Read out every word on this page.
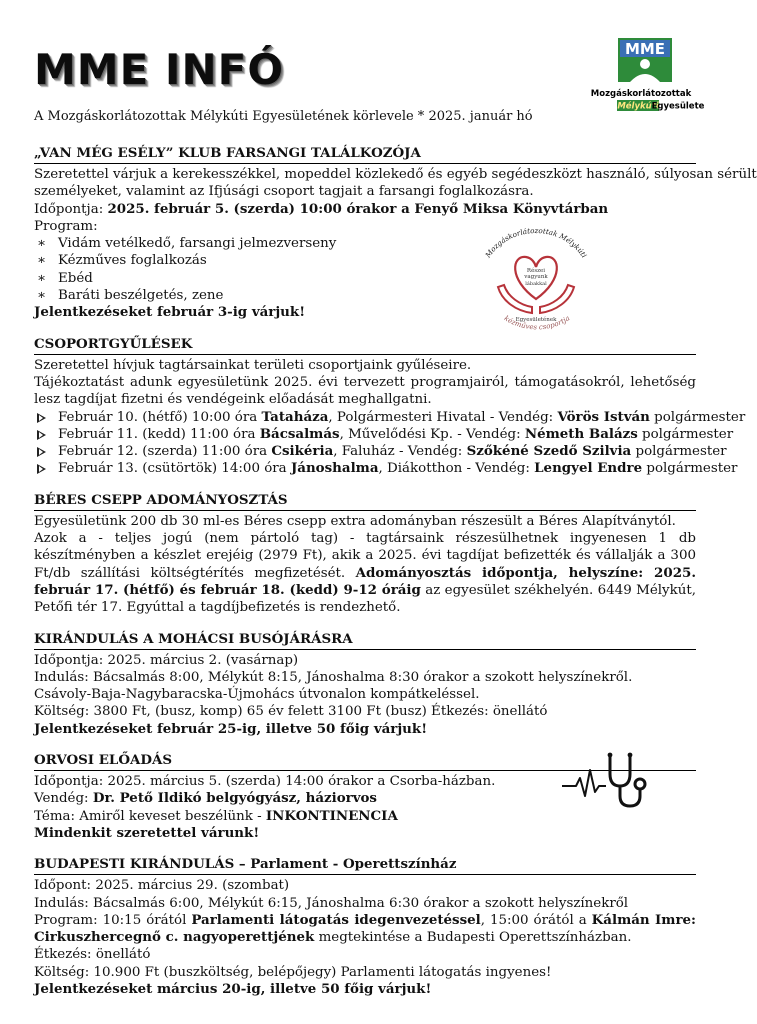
MME INFÓ
A Mozgáskorlátozottak Mélykúti Egyesületének körlevele * 2025. január hó
MME
Mozgáskorlátozottak
Mélykúti
Egyesülete
„VAN MÉG ESÉLY” KLUB FARSANGI TALÁLKOZÓJA
Szeretettel várjuk a kerekesszékkel, mopeddel közlekedő és egyéb segédeszközt használó, súlyosan sérült
személyeket, valamint az Ifjúsági csoport tagjait a farsangi foglalkozásra.
Időpontja: 2025. február 5. (szerda) 10:00 órakor a Fenyő Miksa Könyvtárban
Program:
∗ Vidám vetélkedő, farsangi jelmezverseny
∗ Kézműves foglalkozás
∗ Ebéd
∗ Baráti beszélgetés, zene
Jelentkezéseket február 3-ig várjuk!
CSOPORTGYŰLÉSEK
Szeretettel hívjuk tagtársainkat területi csoportjaink gyűléseire.
Tájékoztatást adunk egyesületünk 2025. évi tervezett programjairól, támogatásokról, lehetőség lesz tagdíjat fizetni és vendégeink előadását meghallgatni.
Február 10. (hétfő) 10:00 óra Tataháza, Polgármesteri Hivatal - Vendég: Vörös István polgármester
Február 11. (kedd) 11:00 óra Bácsalmás, Művelődési Kp. - Vendég: Németh Balázs polgármester
Február 12. (szerda) 11:00 óra Csikéria, Faluház - Vendég: Szőkéné Szedő Szilvia polgármester
Február 13. (csütörtök) 14:00 óra Jánoshalma, Diákotthon - Vendég: Lengyel Endre polgármester
BÉRES CSEPP ADOMÁNYOSZTÁS
Egyesületünk 200 db 30 ml-es Béres csepp extra adományban részesült a Béres Alapítványtól.
Azok a - teljes jogú (nem pártoló tag) - tagtársaink részesülhetnek ingyenesen 1 db készítményben a készlet erejéig (2979 Ft), akik a 2025. évi tagdíjat befizették és vállalják a 300 Ft/db szállítási költségtérítés megfizetését. Adományosztás időpontja, helyszíne: 2025. február 17. (hétfő) és február 18. (kedd) 9-12 óráig az egyesület székhelyén. 6449 Mélykút, Petőfi tér 17. Egyúttal a tagdíjbefizetés is rendezhető.
KIRÁNDULÁS A MOHÁCSI BUSÓJÁRÁSRA
Időpontja: 2025. március 2. (vasárnap)
Indulás: Bácsalmás 8:00, Mélykút 8:15, Jánoshalma 8:30 órakor a szokott helyszínekről.
Csávoly-Baja-Nagybaracska-Újmohács útvonalon kompátkeléssel.
Költség: 3800 Ft, (busz, komp) 65 év felett 3100 Ft (busz) Étkezés: önellátó
Jelentkezéseket február 25-ig, illetve 50 főig várjuk!
ORVOSI ELŐADÁS
Időpontja: 2025. március 5. (szerda) 14:00 órakor a Csorba-házban.
Vendég: Dr. Pető Ildikó belgyógyász, háziorvos
Téma: Amiről keveset beszélünk - INKONTINENCIA
Mindenkit szeretettel várunk!
BUDAPESTI KIRÁNDULÁS – Parlament - Operettszínház
Időpont: 2025. március 29. (szombat)
Indulás: Bácsalmás 6:00, Mélykút 6:15, Jánoshalma 6:30 órakor a szokott helyszínekről
Program: 10:15 órától Parlamenti látogatás idegenvezetéssel, 15:00 órától a Kálmán Imre: Cirkuszhercegnő c. nagyoperettjének megtekintése a Budapesti Operettszínházban.
Étkezés: önellátó
Költség: 10.900 Ft (buszköltség, belépőjegy) Parlamenti látogatás ingyenes!
Jelentkezéseket március 20-ig, illetve 50 főig várjuk!
Mozgáskorlátozottak Mélykúti
Részei
vagyunk
lábakkal
Egyesületének
kézműves csoportja
